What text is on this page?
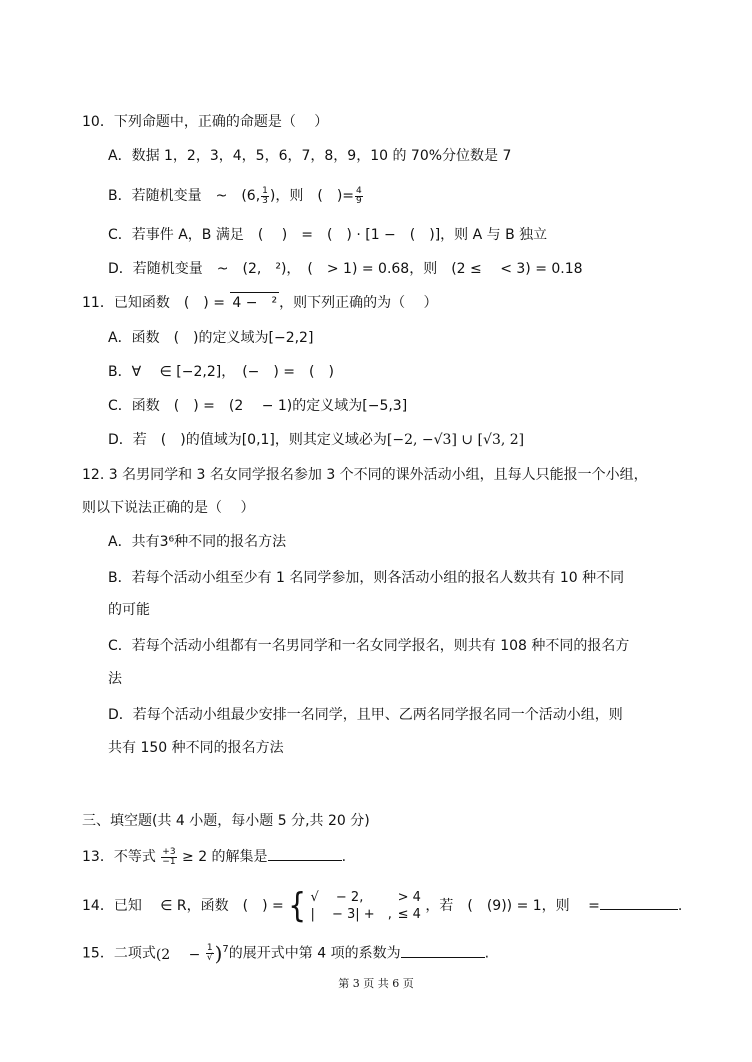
10．下列命题中，正确的命题是（　 ）
A．数据 1，2，3，4，5，6，7，8，9，10 的 70%分位数是 7
B．若随机变量　~　(6, $\frac{1}{3}$ )，则　(　)= $\frac{4}{9}$
C．若事件 A，B 满足　(　 )　=　(　) · [1 −　(　)]，则 A 与 B 独立
D．若随机变量　~　(2,　²)，　(　> 1) = 0.68，则　(2 ≤　 < 3) = 0.18
11．已知函数　(　) = 4 −　² ，则下列正确的为（　 ）
A．函数　(　)的定义域为[−2,2]
B．∀　 ∈ [−2,2]，　(−　) =　(　)
C．函数　(　) =　(2　 − 1)的定义域为[−5,3]
D．若　(　)的值域为[0,1]，则其定义域必为[−2, −√3] ∪ [√3, 2]
12. 3 名男同学和 3 名女同学报名参加 3 个不同的课外活动小组，且每人只能报一个小组，
则以下说法正确的是（　 ）
A．共有3⁶种不同的报名方法
B．若每个活动小组至少有 1 名同学参加，则各活动小组的报名人数共有 10 种不同
的可能
C．若每个活动小组都有一名男同学和一名女同学报名，则共有 108 种不同的报名方
法
D．若每个活动小组最少安排一名同学，且甲、乙两名同学报名同一个活动小组，则
共有 150 种不同的报名方法
三、填空题(共 4 小题，每小题 5 分,共 20 分)
13．不等式 $\frac{+3}{-1} \ge 2$ 的解集是	.
14．已知　 ∈ R，函数　(　) = { √　 − 2,　 > 4
|　 − 3| +　,　 ≤ 4
，若　(　(9)) = 1，则　 =	.
15．二项式(2　 − $\frac{1}{√} )^7$的展开式中第 4 项的系数为	.
第 3 页 共 6 页
